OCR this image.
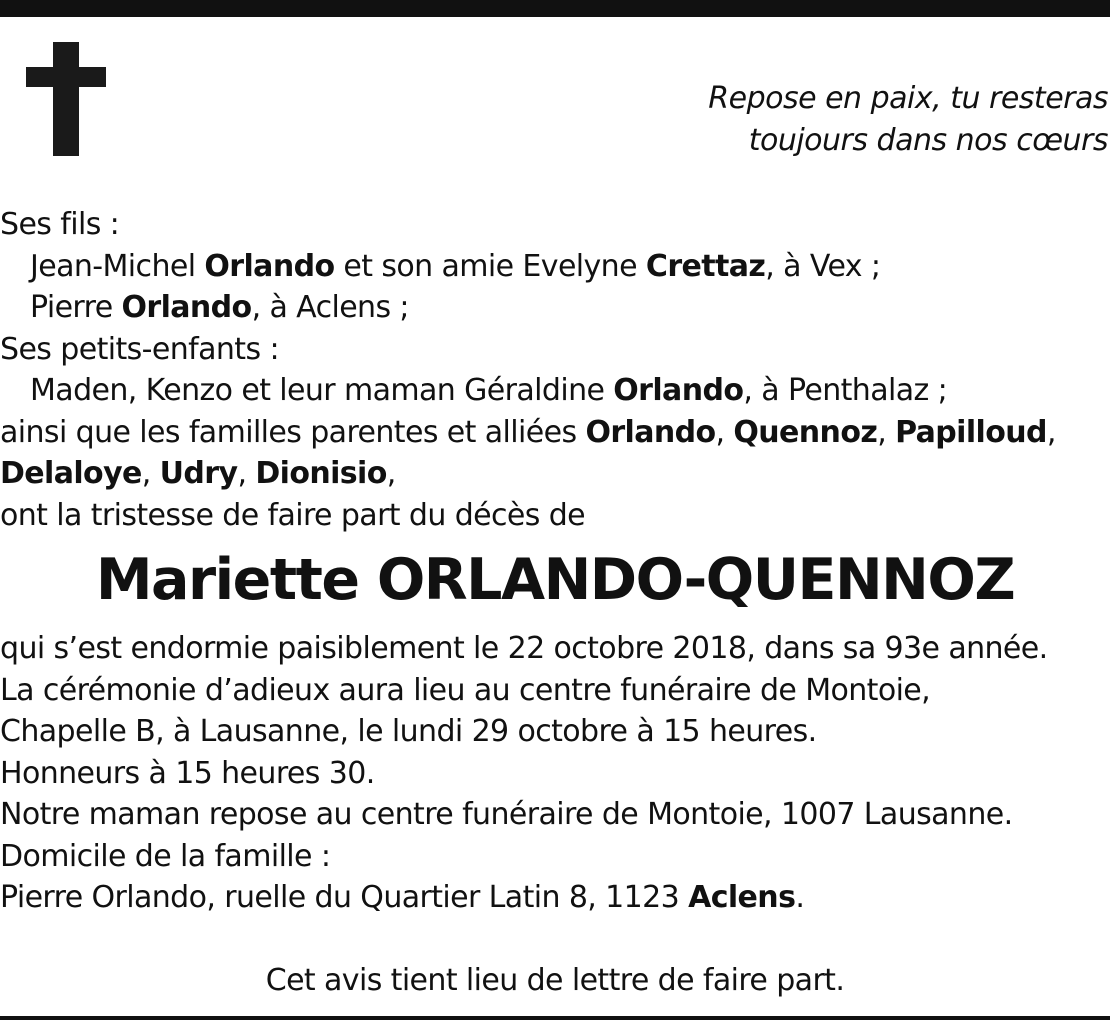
Repose en paix, tu resteras
toujours dans nos cœurs
Ses fils :
Jean-Michel Orlando et son amie Evelyne Crettaz, à Vex ;
Pierre Orlando, à Aclens ;
Ses petits-enfants :
Maden, Kenzo et leur maman Géraldine Orlando, à Penthalaz ;
ainsi que les familles parentes et alliées Orlando, Quennoz, Papilloud,
Delaloye, Udry, Dionisio,
ont la tristesse de faire part du décès de
Mariette ORLANDO-QUENNOZ
qui s’est endormie paisiblement le 22 octobre 2018, dans sa 93e année.
La cérémonie d’adieux aura lieu au centre funéraire de Montoie,
Chapelle B, à Lausanne, le lundi 29 octobre à 15 heures.
Honneurs à 15 heures 30.
Notre maman repose au centre funéraire de Montoie, 1007 Lausanne.
Domicile de la famille :
Pierre Orlando, ruelle du Quartier Latin 8, 1123 Aclens.
Cet avis tient lieu de lettre de faire part.
